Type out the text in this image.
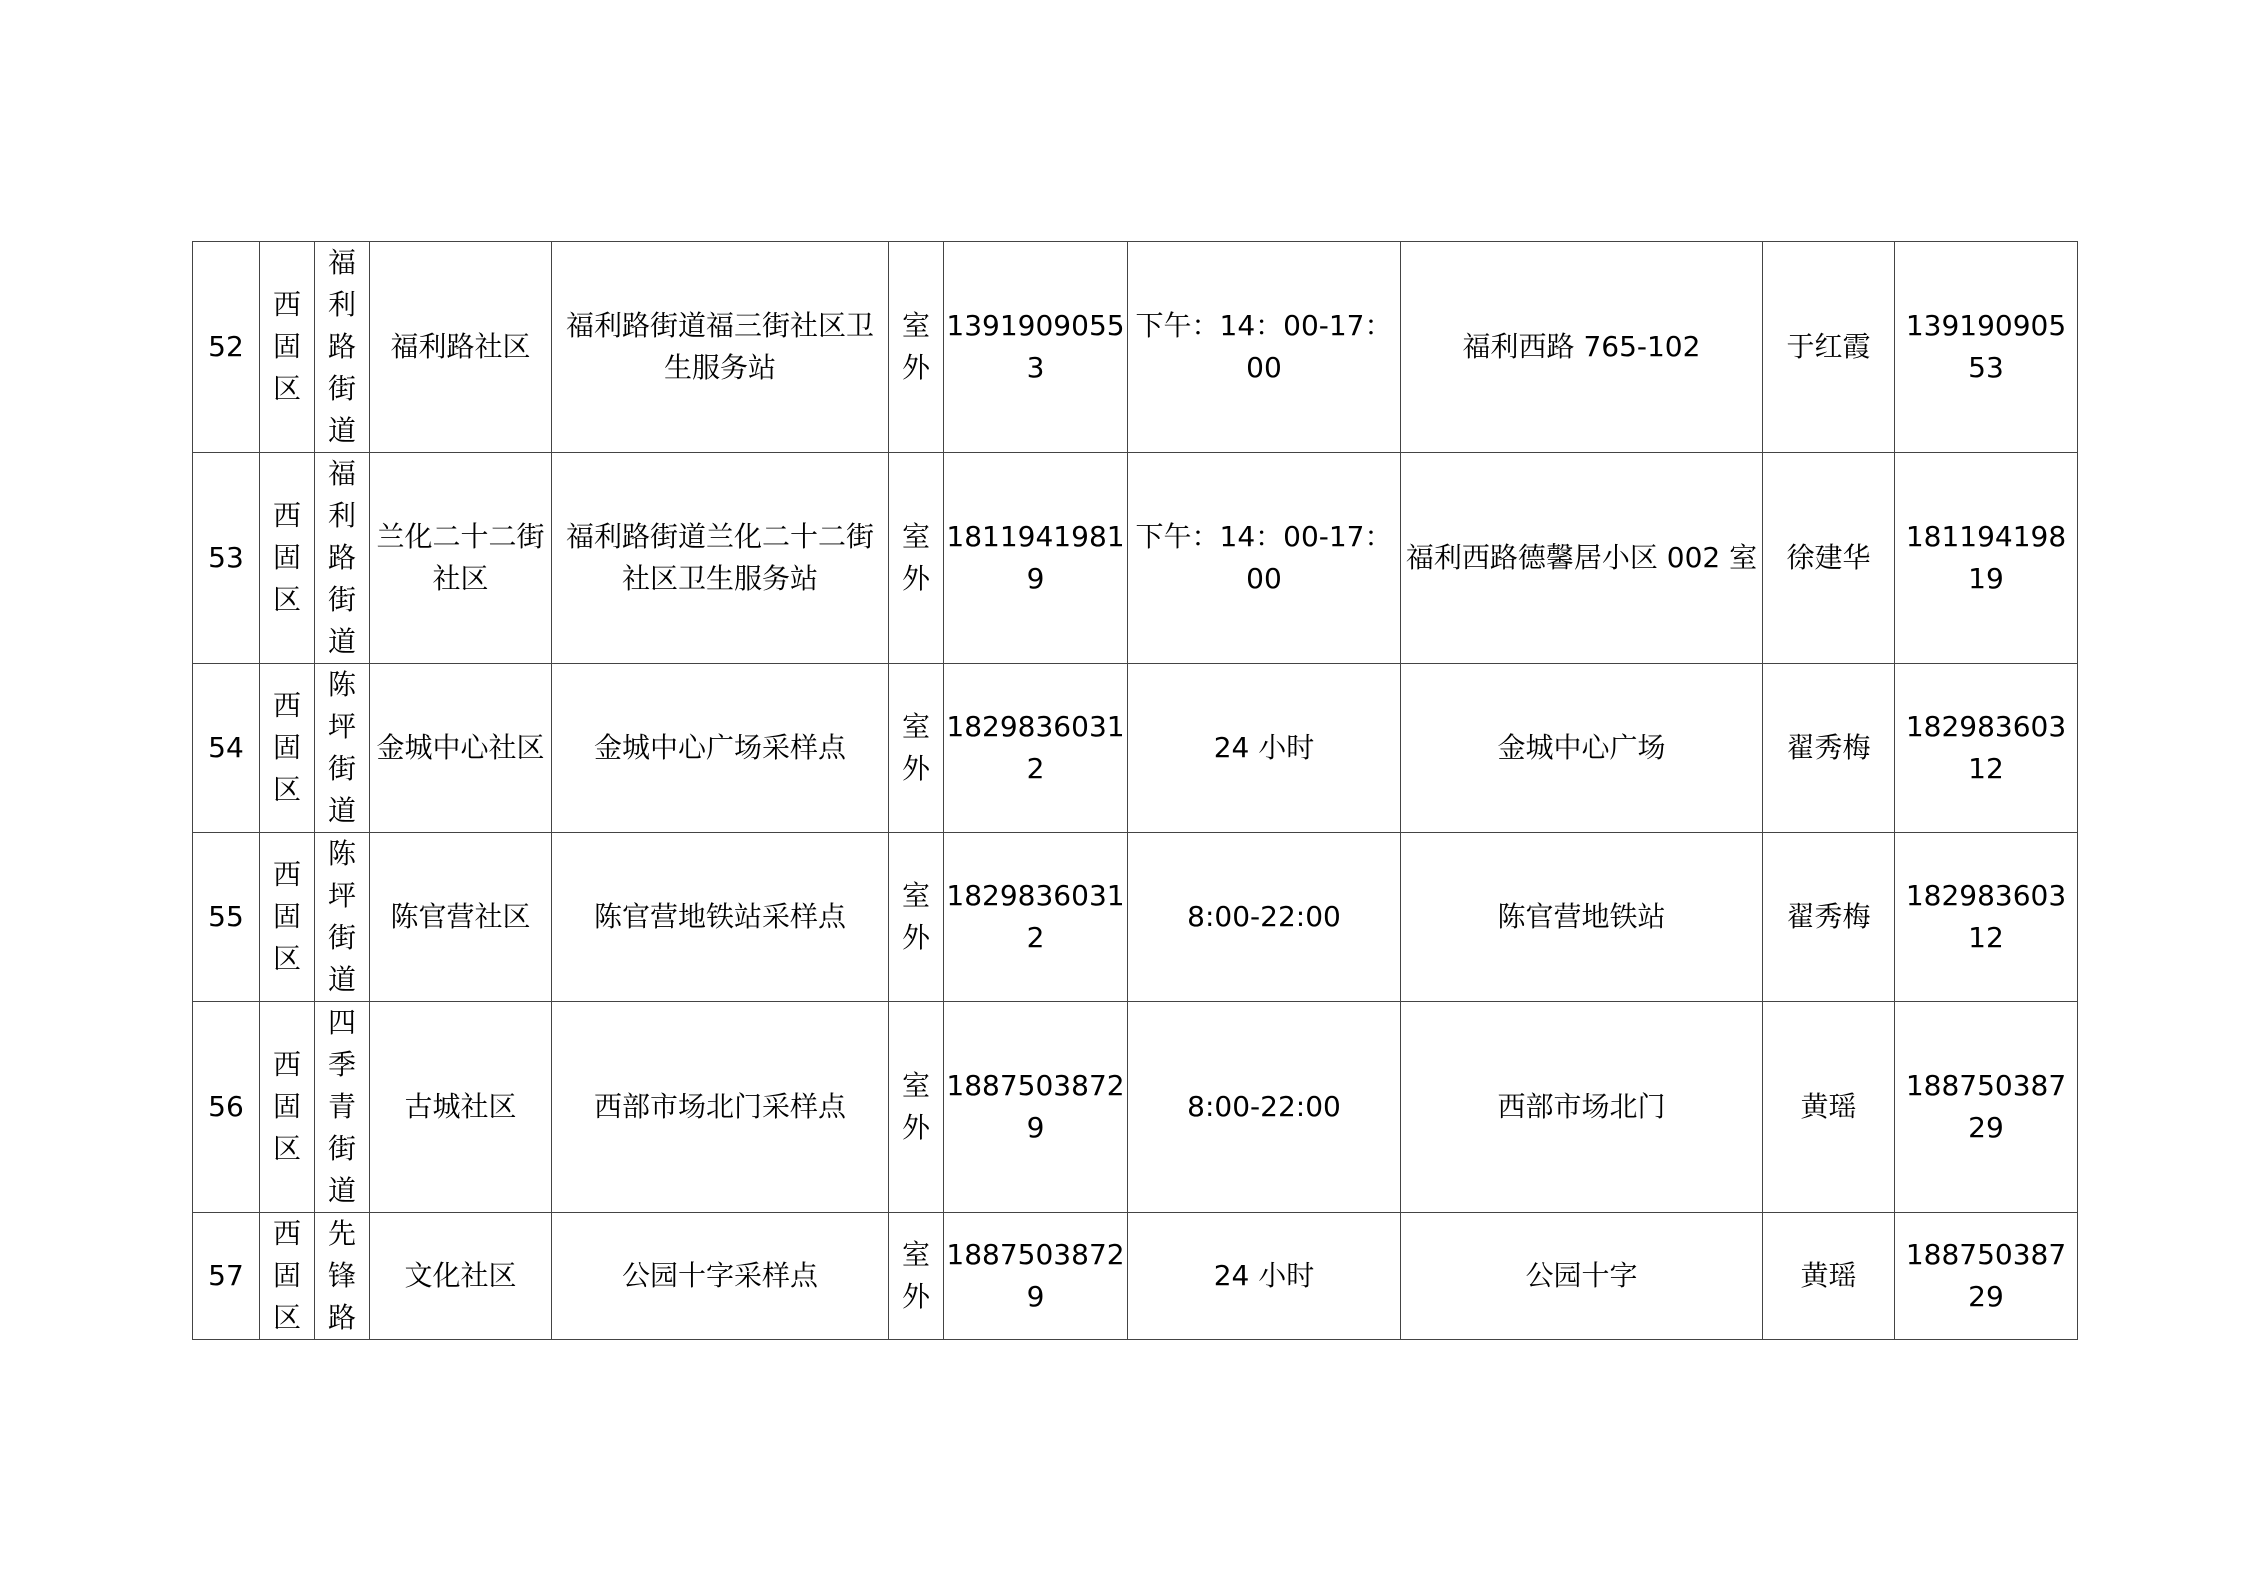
52	西固区	福利路街道	福利路社区	福利路街道福三街社区卫生服务站	室外	13919090553	下午：14：00-17：00	福利西路 765-102	于红霞	13919090553
53	西固区	福利路街道	兰化二十二街社区	福利路街道兰化二十二街社区卫生服务站	室外	18119419819	下午：14：00-17：00	福利西路德馨居小区 002 室	徐建华	18119419819
54	西固区	陈坪街道	金城中心社区	金城中心广场采样点	室外	18298360312	24 小时	金城中心广场	翟秀梅	18298360312
55	西固区	陈坪街道	陈官营社区	陈官营地铁站采样点	室外	18298360312	8:00-22:00	陈官营地铁站	翟秀梅	18298360312
56	西固区	四季青街道	古城社区	西部市场北门采样点	室外	18875038729	8:00-22:00	西部市场北门	黄瑶	18875038729
57	西固区	先锋路	文化社区	公园十字采样点	室外	18875038729	24 小时	公园十字	黄瑶	18875038729
